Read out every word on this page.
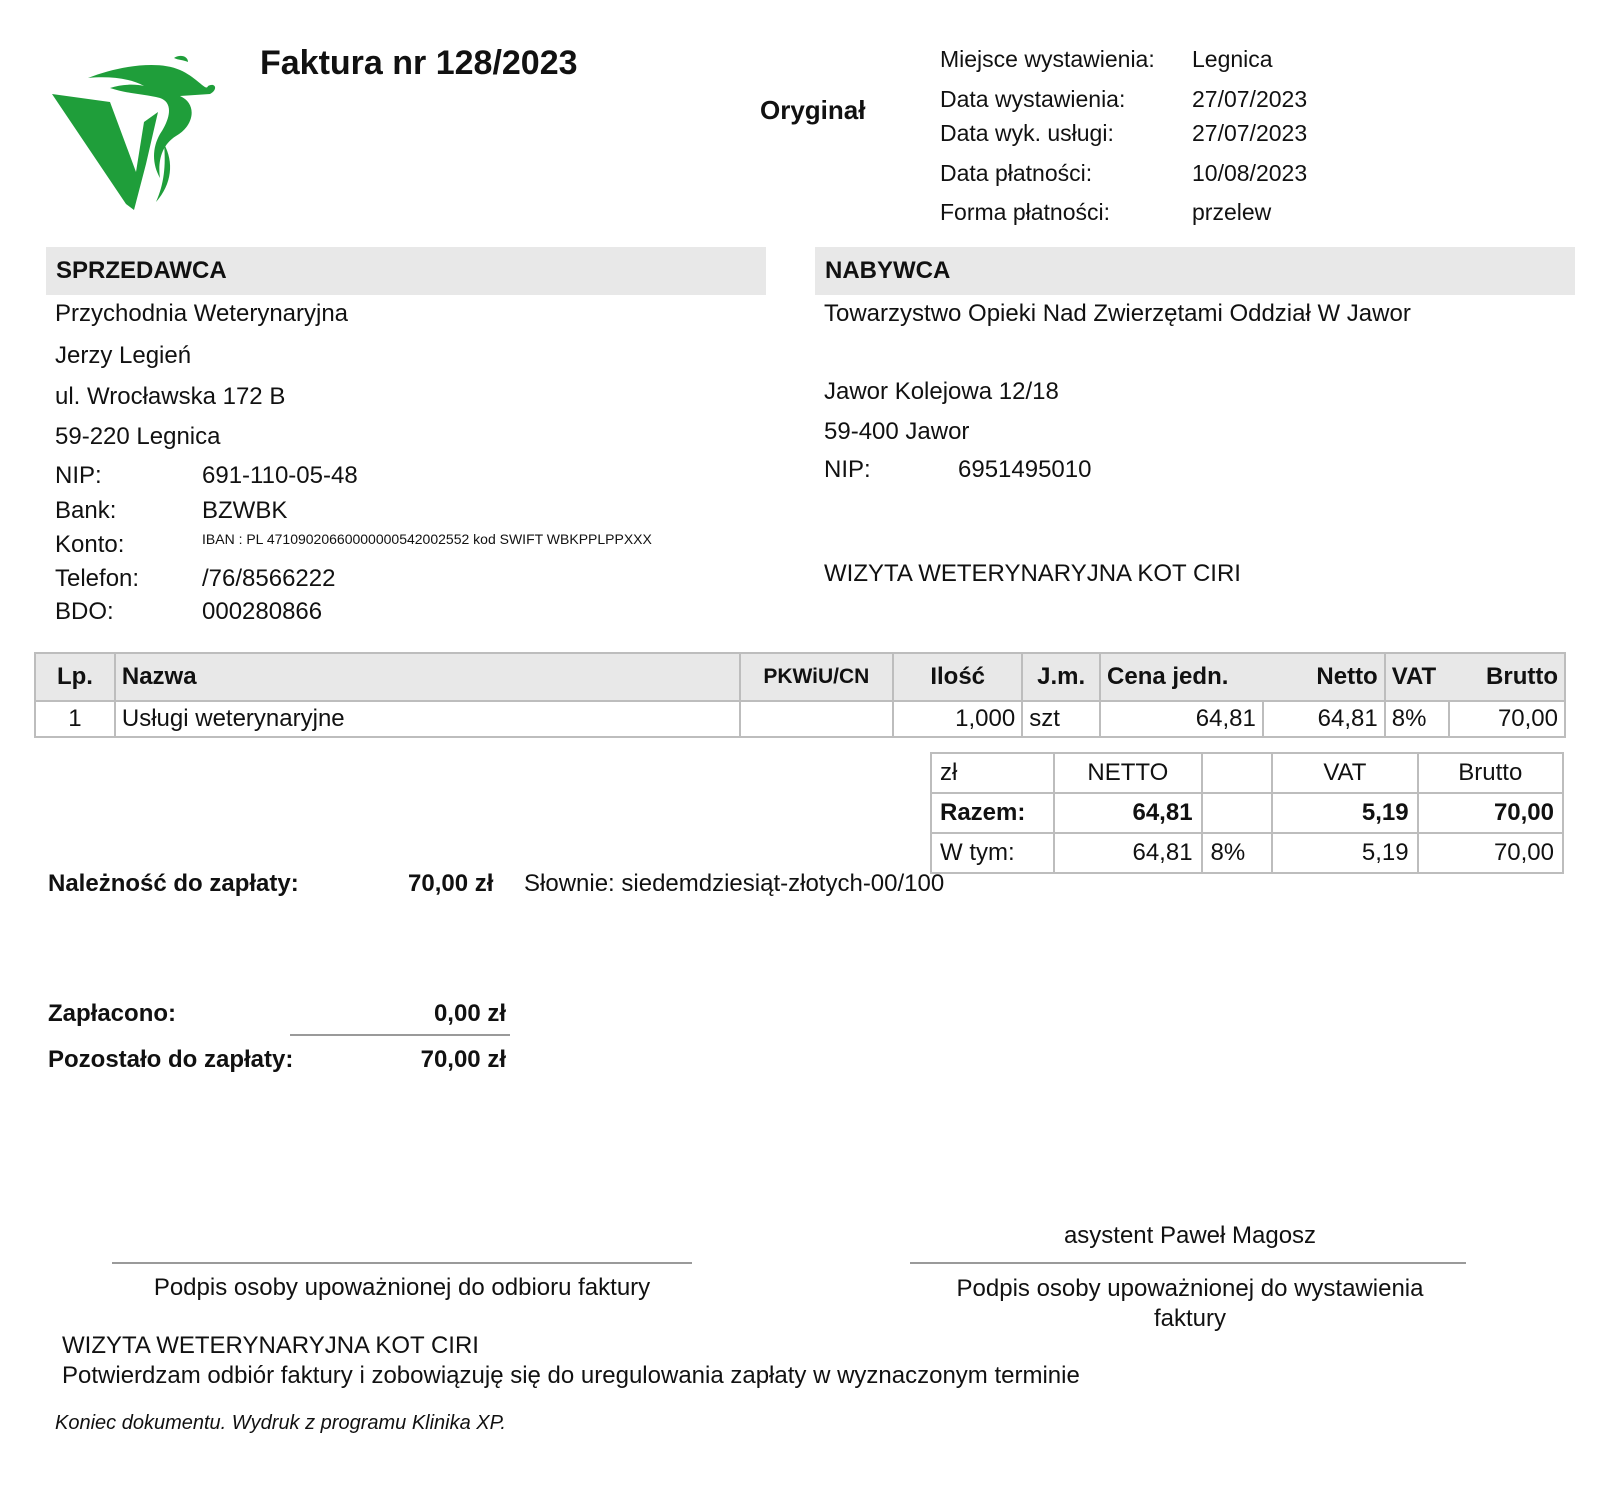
Faktura nr 128/2023
Oryginał
Miejsce wystawienia: Legnica
Data wystawienia:	27/07/2023
Data wyk. usługi:	27/07/2023
Data płatności:	10/08/2023
Forma płatności:	przelew
SPRZEDAWCA
Przychodnia Weterynaryjna
Jerzy Legień
ul. Wrocławska 172 B
59-220 Legnica
NIP:	691-110-05-48
Bank:	BZWBK
Konto:	IBAN : PL 47109020660000000542002552 kod SWIFT WBKPPLPPXXX
Telefon:	/76/8566222
BDO:	000280866
NABYWCA
Towarzystwo Opieki Nad Zwierzętami Oddział W Jawor
Jawor Kolejowa 12/18
59-400 Jawor
NIP:	6951495010
WIZYTA WETERYNARYJNA KOT CIRI
Lp.	Nazwa	PKWiU/CN	Ilość	J.m.	Cena jedn.	Netto	VAT	Brutto
1	Usługi weterynaryjne		1,000	szt	64,81	64,81	8%	70,00
zł	NETTO		VAT	Brutto
Razem:	64,81		5,19	70,00
W tym:	64,81	8%	5,19	70,00
Należność do zapłaty:	70,00 zł Słownie: siedemdziesiąt-złotych-00/100
Zapłacono:	0,00 zł
Pozostało do zapłaty:	70,00 zł
asystent Paweł Magosz
Podpis osoby upoważnionej do odbioru faktury	Podpis osoby upoważnionej do wystawienia faktury
WIZYTA WETERYNARYJNA KOT CIRI
Potwierdzam odbiór faktury i zobowiązuję się do uregulowania zapłaty w wyznaczonym terminie
Koniec dokumentu. Wydruk z programu Klinika XP.
